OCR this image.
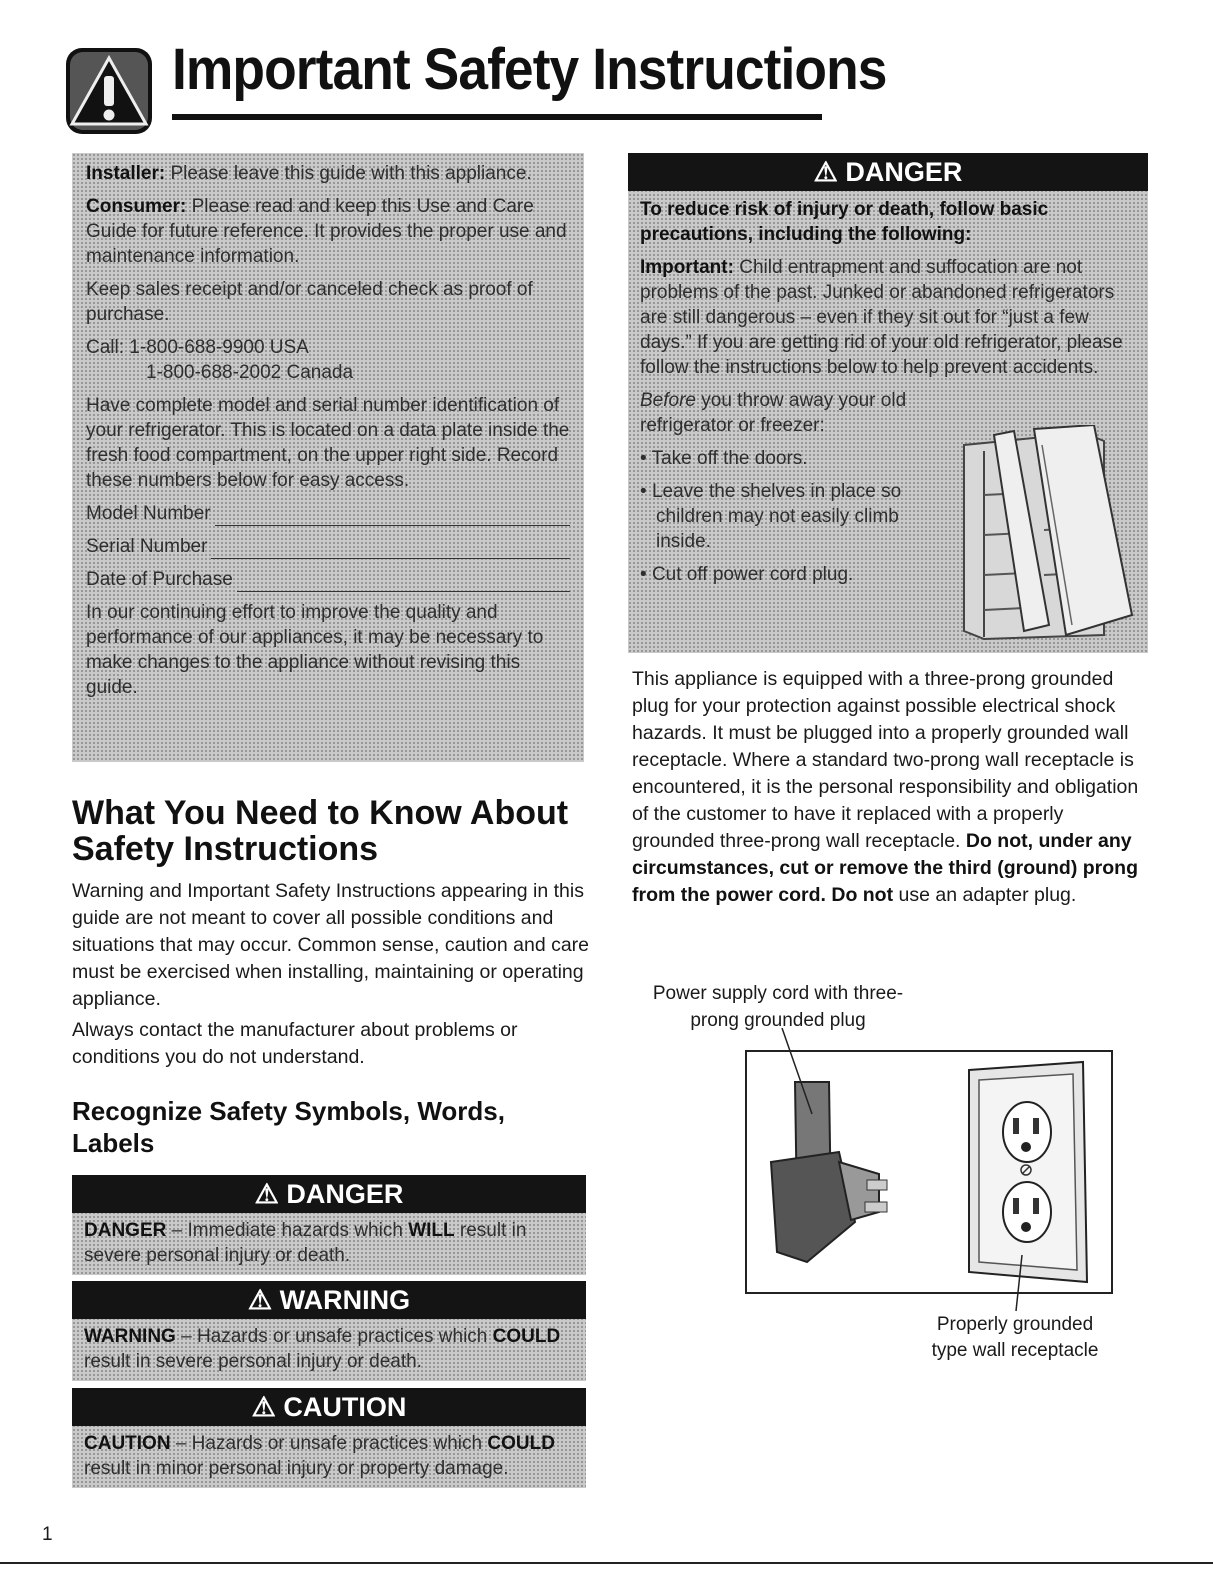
Important Safety Instructions

Installer: Please leave this guide with this appliance.

Consumer: Please read and keep this Use and Care Guide for future reference. It provides the proper use and maintenance information.

Keep sales receipt and/or canceled check as proof of purchase.

Call: 1-800-688-9900 USA
1-800-688-2002 Canada

Have complete model and serial number identification of your refrigerator. This is located on a data plate inside the fresh food compartment, on the upper right side. Record these numbers below for easy access.

Model Number
Serial Number
Date of Purchase

In our continuing effort to improve the quality and performance of our appliances, it may be necessary to make changes to the appliance without revising this guide.

⚠ DANGER

To reduce risk of injury or death, follow basic precautions, including the following:

Important: Child entrapment and suffocation are not problems of the past. Junked or abandoned refrigerators are still dangerous – even if they sit out for “just a few days.” If you are getting rid of your old refrigerator, please follow the instructions below to help prevent accidents.

Before you throw away your old refrigerator or freezer:

• Take off the doors.

• Leave the shelves in place so children may not easily climb inside.

• Cut off power cord plug.

This appliance is equipped with a three-prong grounded plug for your protection against possible electrical shock hazards. It must be plugged into a properly grounded wall receptacle. Where a standard two-prong wall receptacle is encountered, it is the personal responsibility and obligation of the customer to have it replaced with a properly grounded three-prong wall receptacle. Do not, under any circumstances, cut or remove the third (ground) prong from the power cord. Do not use an adapter plug.
Power supply cord with three-prong grounded plug
Properly grounded type wall receptacle
What You Need to Know About Safety Instructions
Warning and Important Safety Instructions appearing in this guide are not meant to cover all possible conditions and situations that may occur. Common sense, caution and care must be exercised when installing, maintaining or operating appliance.
Always contact the manufacturer about problems or conditions you do not understand.
Recognize Safety Symbols, Words, Labels
⚠ DANGER
DANGER – Immediate hazards which WILL result in severe personal injury or death.
⚠ WARNING
WARNING – Hazards or unsafe practices which COULD result in severe personal injury or death.
⚠ CAUTION
CAUTION – Hazards or unsafe practices which COULD result in minor personal injury or property damage.
1
